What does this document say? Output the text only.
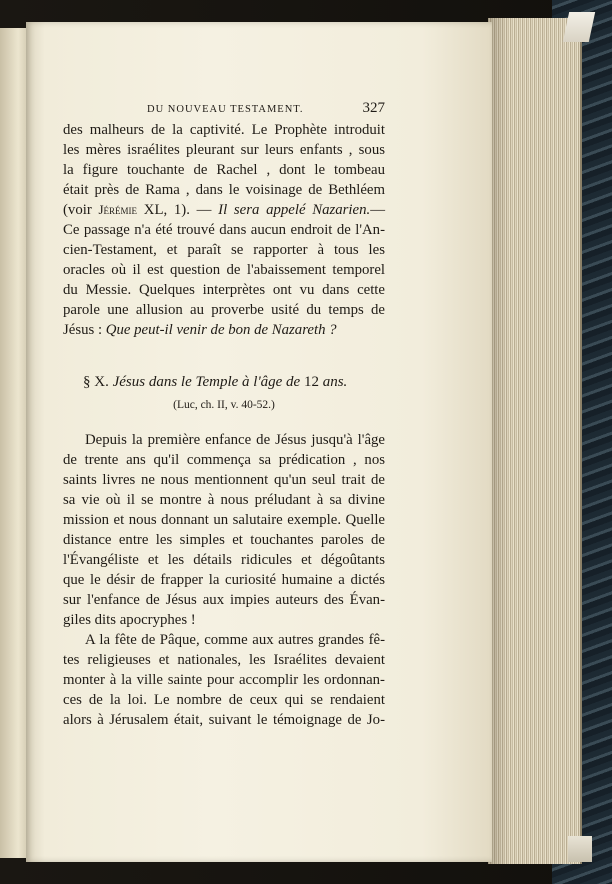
DU NOUVEAU TESTAMENT.	327
des malheurs de la captivité. Le Prophète introduit
les mères israélites pleurant sur leurs enfants , sous
la figure touchante de Rachel , dont le tombeau
était près de Rama , dans le voisinage de Bethléem
(voir Jérémie XL, 1). — Il sera appelé Nazarien.—
Ce passage n'a été trouvé dans aucun endroit de l'An-
cien-Testament, et paraît se rapporter à tous les
oracles où il est question de l'abaissement temporel
du Messie. Quelques interprètes ont vu dans cette
parole une allusion au proverbe usité du temps de
Jésus : Que peut-il venir de bon de Nazareth ?
§ X. Jésus dans le Temple à l'âge de 12 ans.
(Luc, ch. II, v. 40-52.)
Depuis la première enfance de Jésus jusqu'à l'âge
de trente ans qu'il commença sa prédication , nos
saints livres ne nous mentionnent qu'un seul trait de
sa vie où il se montre à nous préludant à sa divine
mission et nous donnant un salutaire exemple. Quelle
distance entre les simples et touchantes paroles de
l'Évangéliste et les détails ridicules et dégoûtants
que le désir de frapper la curiosité humaine a dictés
sur l'enfance de Jésus aux impies auteurs des Évan-
giles dits apocryphes !
A la fête de Pâque, comme aux autres grandes fê-
tes religieuses et nationales, les Israélites devaient
monter à la ville sainte pour accomplir les ordonnan-
ces de la loi. Le nombre de ceux qui se rendaient
alors à Jérusalem était, suivant le témoignage de Jo-
